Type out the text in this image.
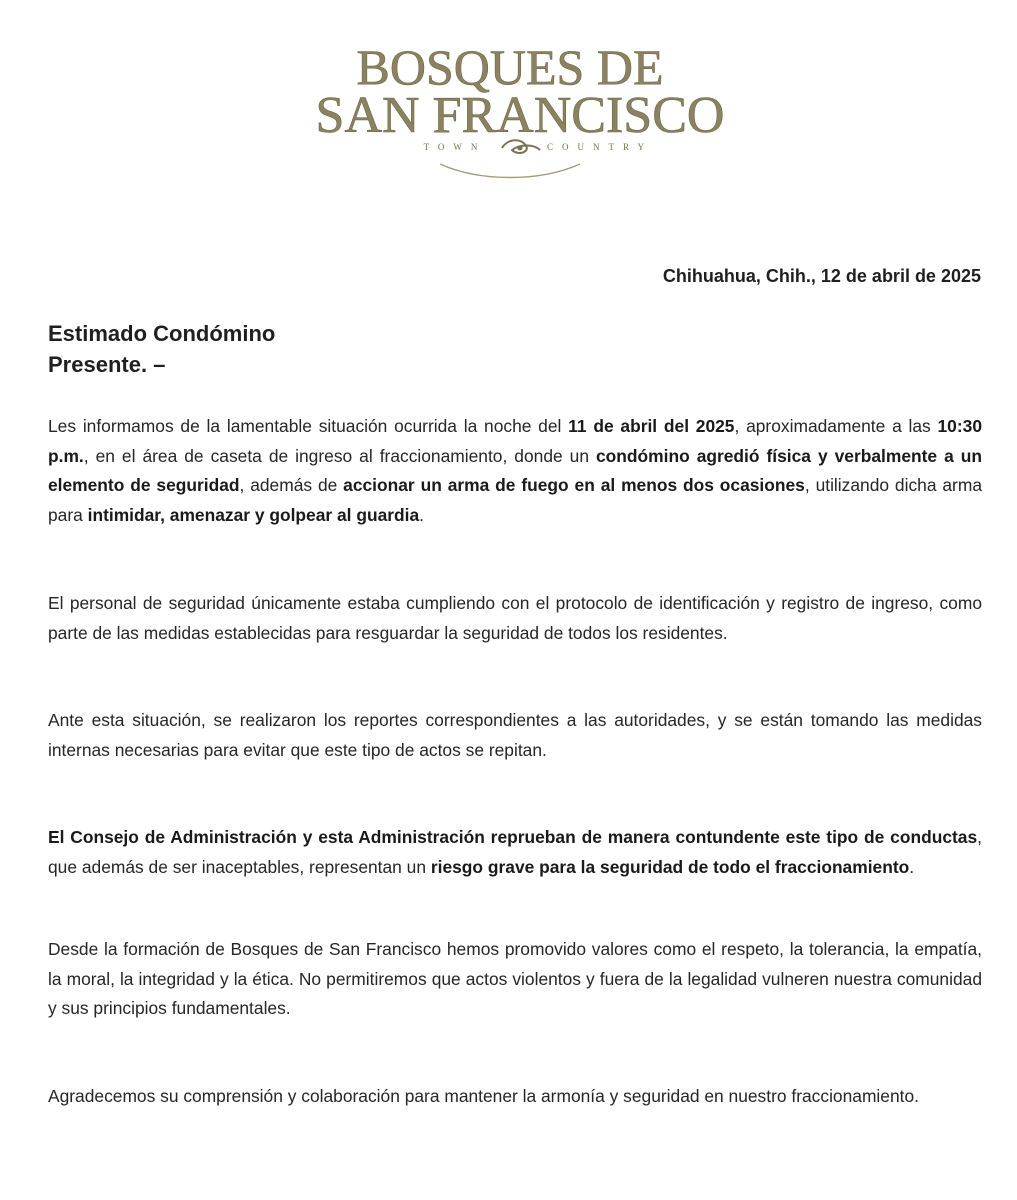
BOSQUES DE
SAN FRANCISCO
TOWN	COUNTRY
Chihuahua, Chih., 12 de abril de 2025
Estimado Condómino
Presente. –
Les informamos de la lamentable situación ocurrida la noche del 11 de abril del 2025, aproximadamente a las 10:30 p.m., en el área de caseta de ingreso al fraccionamiento, donde un condómino agredió física y verbalmente a un elemento de seguridad, además de accionar un arma de fuego en al menos dos ocasiones, utilizando dicha arma para intimidar, amenazar y golpear al guardia.
El personal de seguridad únicamente estaba cumpliendo con el protocolo de identificación y registro de ingreso, como parte de las medidas establecidas para resguardar la seguridad de todos los residentes.
Ante esta situación, se realizaron los reportes correspondientes a las autoridades, y se están tomando las medidas internas necesarias para evitar que este tipo de actos se repitan.
El Consejo de Administración y esta Administración reprueban de manera contundente este tipo de conductas, que además de ser inaceptables, representan un riesgo grave para la seguridad de todo el fraccionamiento.
Desde la formación de Bosques de San Francisco hemos promovido valores como el respeto, la tolerancia, la empatía, la moral, la integridad y la ética. No permitiremos que actos violentos y fuera de la legalidad vulneren nuestra comunidad y sus principios fundamentales.
Agradecemos su comprensión y colaboración para mantener la armonía y seguridad en nuestro fraccionamiento.
